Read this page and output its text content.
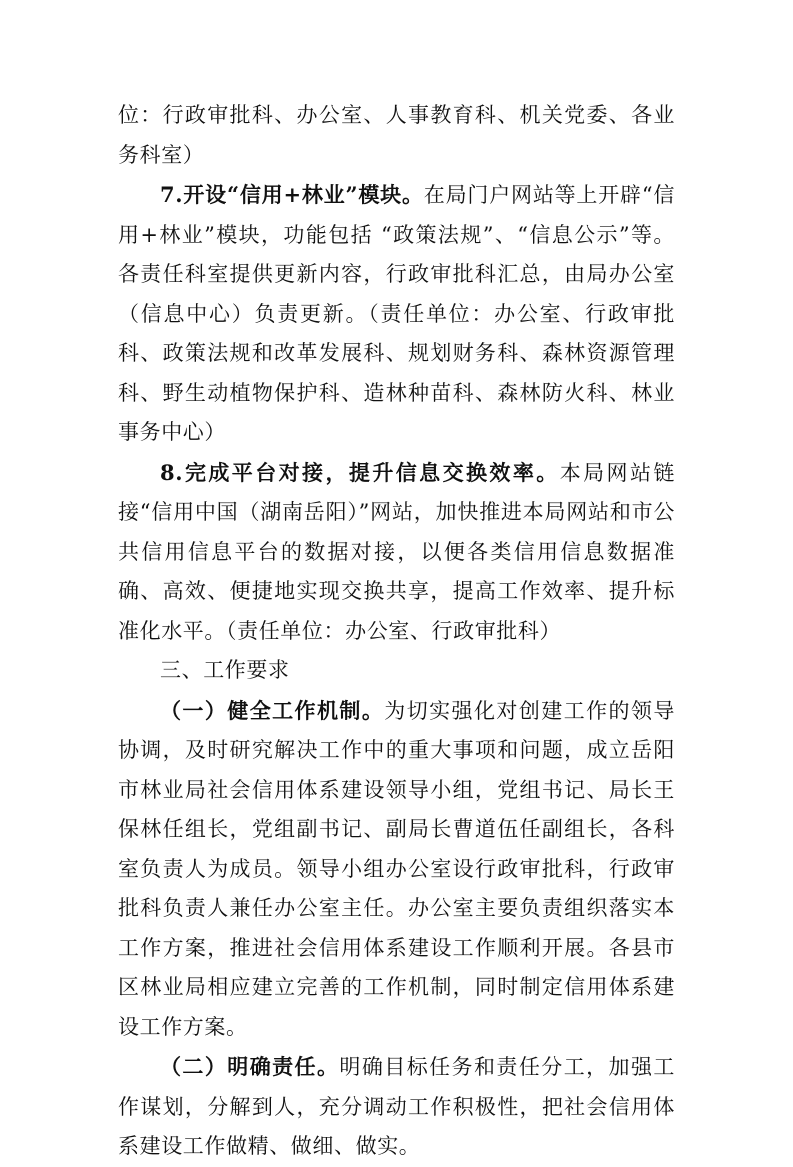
位：行政审批科、办公室、人事教育科、机关党委、各业务科室）

7.开设“信用+林业”模块。在局门户网站等上开辟“信用+林业”模块，功能包括 “政策法规”、“信息公示”等。各责任科室提供更新内容，行政审批科汇总，由局办公室（信息中心）负责更新。（责任单位：办公室、行政审批科、政策法规和改革发展科、规划财务科、森林资源管理科、野生动植物保护科、造林种苗科、森林防火科、林业事务中心）

8.完成平台对接，提升信息交换效率。本局网站链接“信用中国（湖南岳阳）”网站，加快推进本局网站和市公共信用信息平台的数据对接，以便各类信用信息数据准确、高效、便捷地实现交换共享，提高工作效率、提升标准化水平。（责任单位：办公室、行政审批科）

三、工作要求

（一）健全工作机制。为切实强化对创建工作的领导协调，及时研究解决工作中的重大事项和问题，成立岳阳市林业局社会信用体系建设领导小组，党组书记、局长王保林任组长，党组副书记、副局长曹道伍任副组长，各科室负责人为成员。领导小组办公室设行政审批科，行政审批科负责人兼任办公室主任。办公室主要负责组织落实本工作方案，推进社会信用体系建设工作顺利开展。各县市区林业局相应建立完善的工作机制，同时制定信用体系建设工作方案。

（二）明确责任。明确目标任务和责任分工，加强工作谋划，分解到人，充分调动工作积极性，把社会信用体系建设工作做精、做细、做实。
